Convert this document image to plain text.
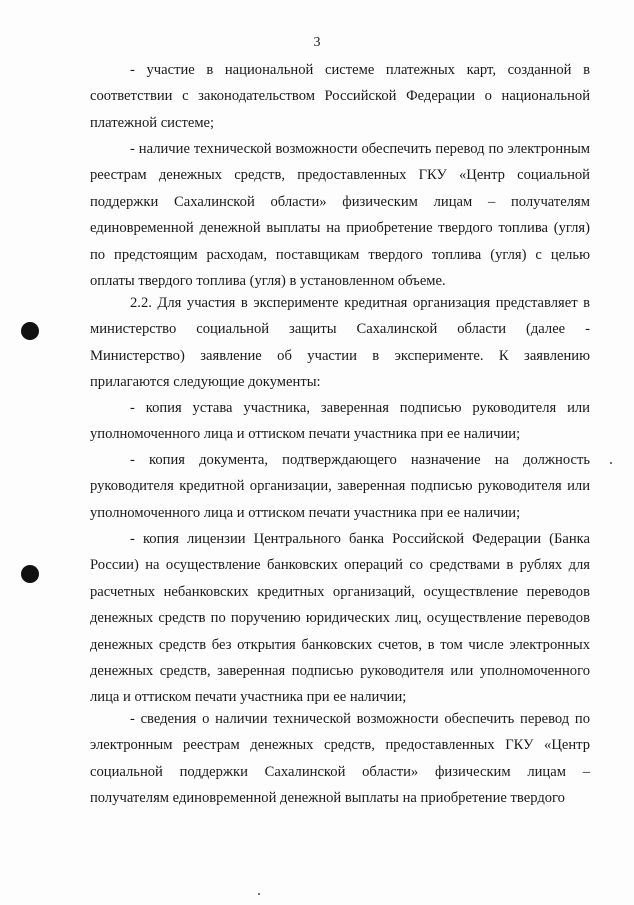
3

- участие в национальной системе платежных карт, созданной в соответствии с законодательством Российской Федерации о национальной платежной системе;

- наличие технической возможности обеспечить перевод по электронным реестрам денежных средств, предоставленных ГКУ «Центр социальной поддержки Сахалинской области» физическим лицам – получателям единовременной денежной выплаты на приобретение твердого топлива (угля) по предстоящим расходам, поставщикам твердого топлива (угля) с целью оплаты твердого топлива (угля) в установленном объеме.

2.2. Для участия в эксперименте кредитная организация представляет в министерство социальной защиты Сахалинской области (далее - Министерство) заявление об участии в эксперименте. К заявлению прилагаются следующие документы:

- копия устава участника, заверенная подписью руководителя или уполномоченного лица и оттиском печати участника при ее наличии;

- копия документа, подтверждающего назначение на должность руководителя кредитной организации, заверенная подписью руководителя или уполномоченного лица и оттиском печати участника при ее наличии;

- копия лицензии Центрального банка Российской Федерации (Банка России) на осуществление банковских операций со средствами в рублях для расчетных небанковских кредитных организаций, осуществление переводов денежных средств по поручению юридических лиц, осуществление переводов денежных средств без открытия банковских счетов, в том числе электронных денежных средств, заверенная подписью руководителя или уполномоченного лица и оттиском печати участника при ее наличии;

- сведения о наличии технической возможности обеспечить перевод по электронным реестрам денежных средств, предоставленных ГКУ «Центр социальной поддержки Сахалинской области» физическим лицам – получателям единовременной денежной выплаты на приобретение твердого
